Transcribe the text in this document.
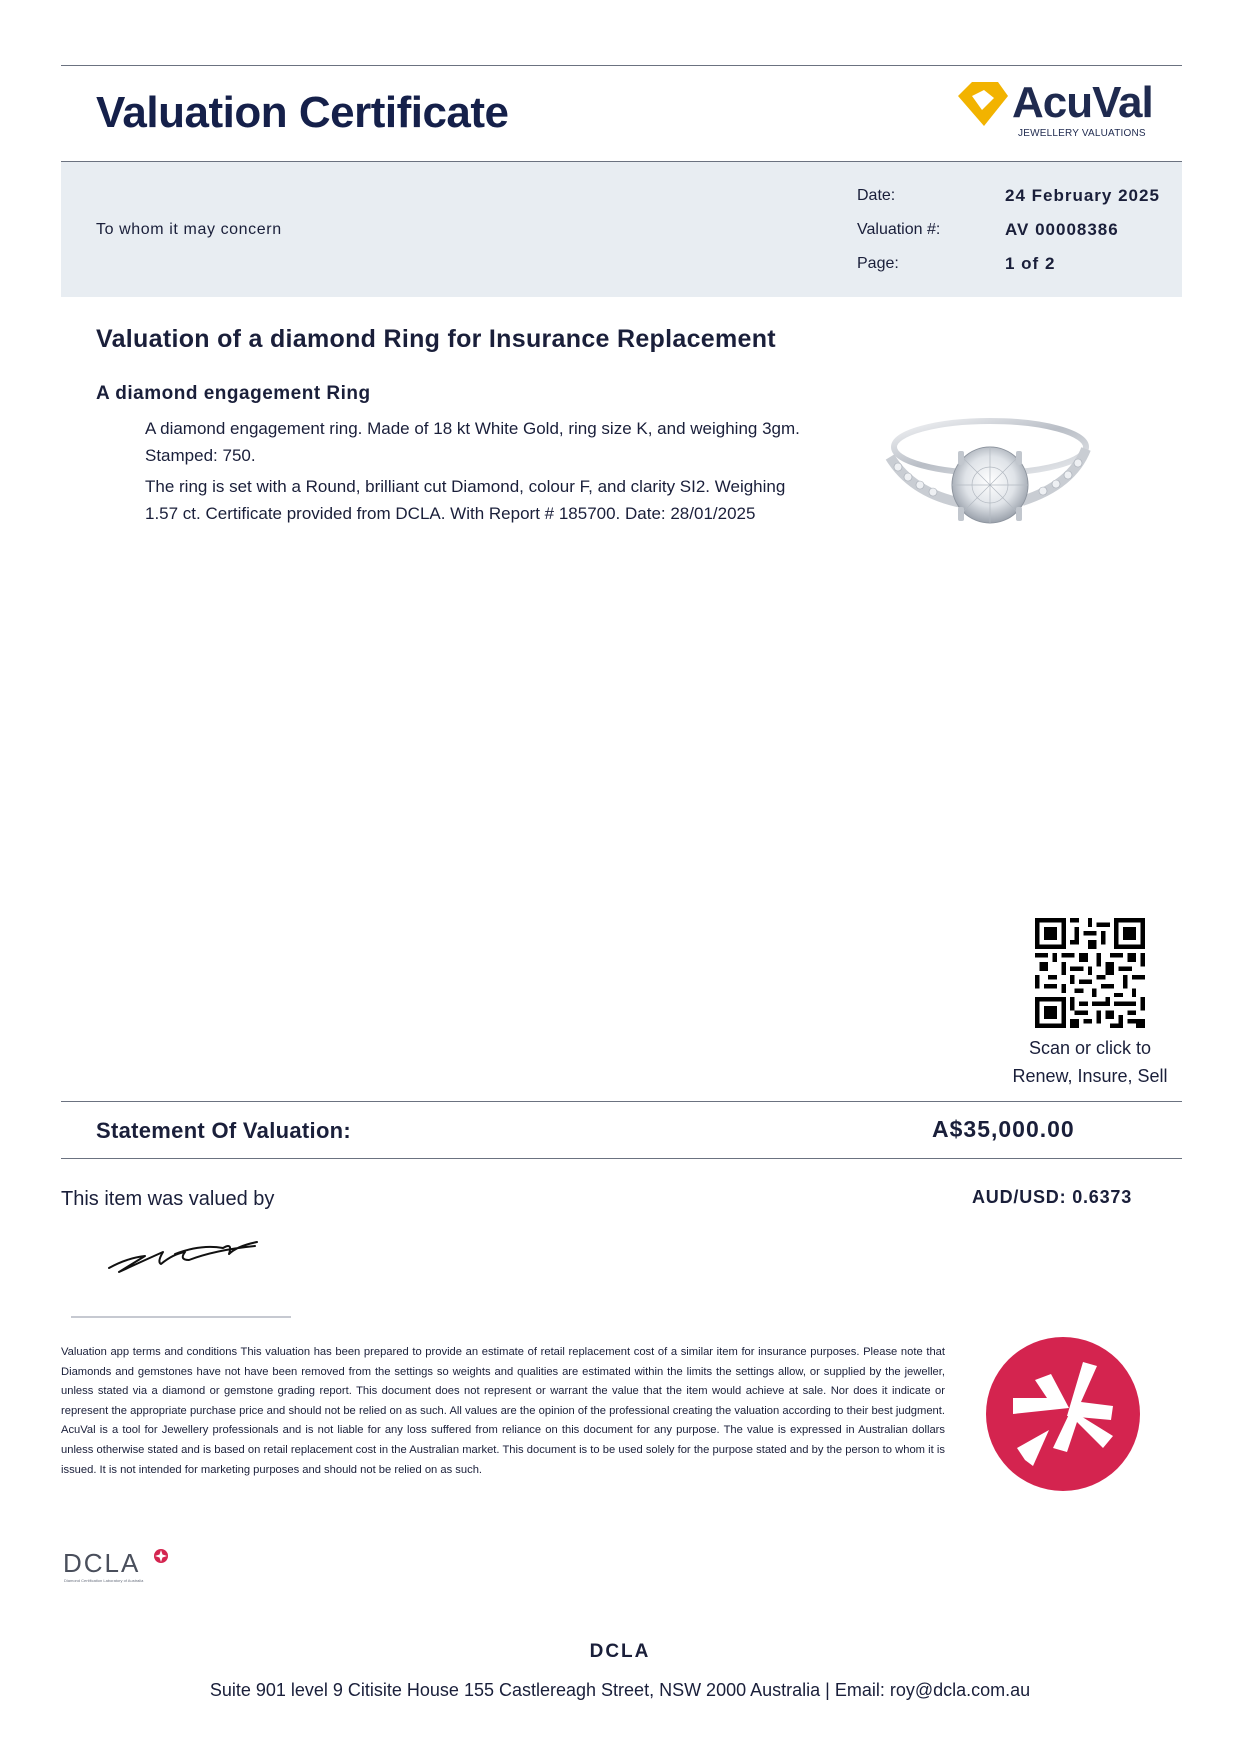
Valuation Certificate	AcuVal
JEWELLERY VALUATIONS
To whom it may concern
Date:	24 February 2025
Valuation #:	AV 00008386
Page:	1 of 2
Valuation of a diamond Ring for Insurance Replacement
A diamond engagement Ring
A diamond engagement ring. Made of 18 kt White Gold, ring size K, and weighing 3gm. Stamped: 750.
The ring is set with a Round, brilliant cut Diamond, colour F, and clarity SI2. Weighing 1.57 ct. Certificate provided from DCLA. With Report # 185700. Date: 28/01/2025
Scan or click to
Renew, Insure, Sell
Statement Of Valuation:	A$35,000.00
This item was valued by	AUD/USD: 0.6373
Valuation app terms and conditions This valuation has been prepared to provide an estimate of retail replacement cost of a similar item for insurance purposes. Please note that Diamonds and gemstones have not have been removed from the settings so weights and qualities are estimated within the limits the settings allow, or supplied by the jeweller, unless stated via a diamond or gemstone grading report. This document does not represent or warrant the value that the item would achieve at sale. Nor does it indicate or represent the appropriate purchase price and should not be relied on as such. All values are the opinion of the professional creating the valuation according to their best judgment. AcuVal is a tool for Jewellery professionals and is not liable for any loss suffered from reliance on this document for any purpose. The value is expressed in Australian dollars unless otherwise stated and is based on retail replacement cost in the Australian market. This document is to be used solely for the purpose stated and by the person to whom it is issued. It is not intended for marketing purposes and should not be relied on as such.
DCLA
Diamond Certification Laboratory of Australia
DCLA
Suite 901 level 9 Citisite House 155 Castlereagh Street, NSW 2000 Australia | Email: roy@dcla.com.au
